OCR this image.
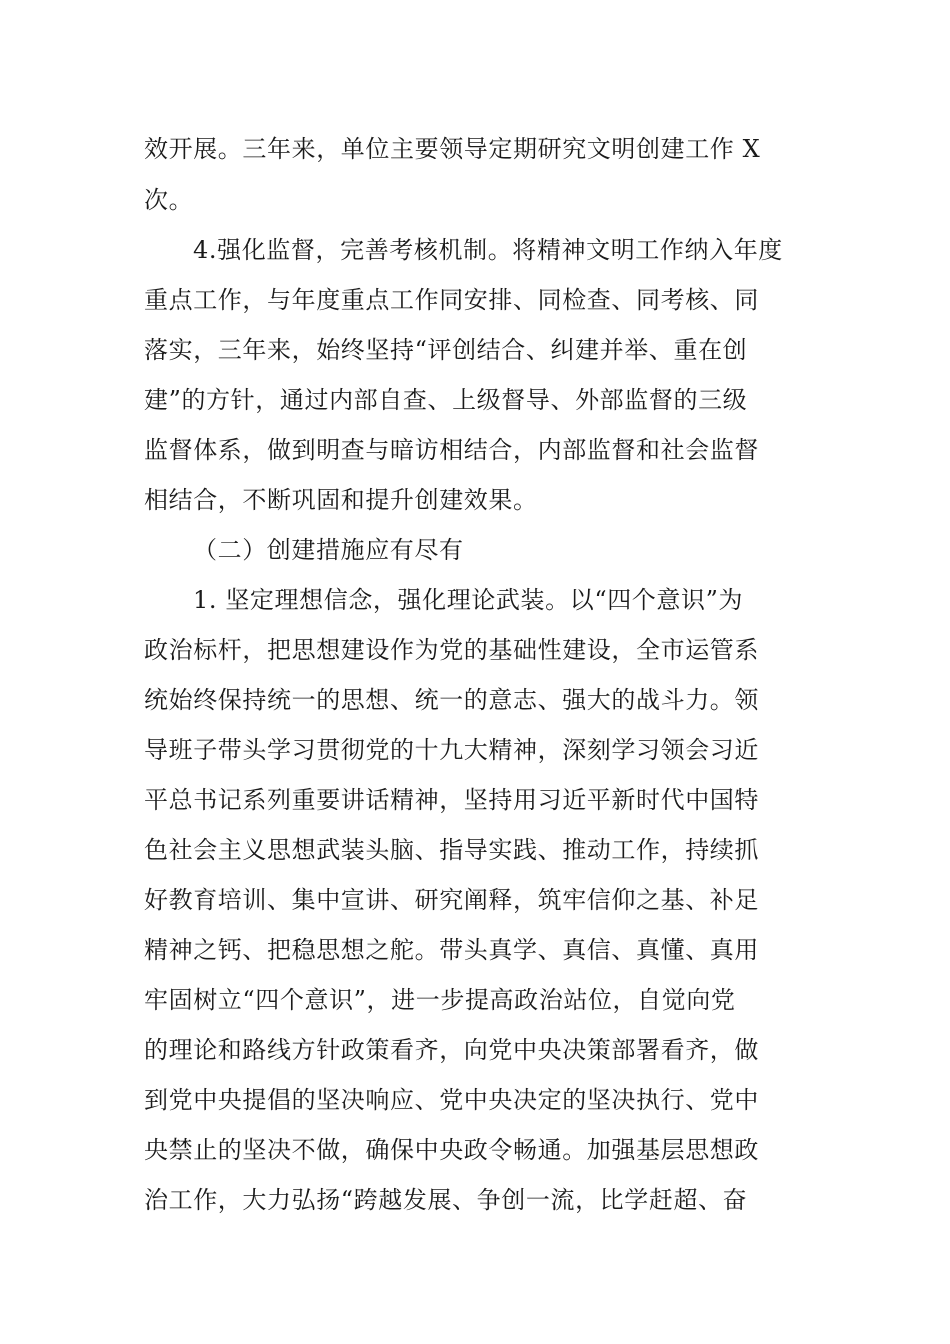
效开展。三年来，单位主要领导定期研究文明创建工作 X
次。
4.强化监督，完善考核机制。将精神文明工作纳入年度
重点工作，与年度重点工作同安排、同检查、同考核、同
落实，三年来，始终坚持“评创结合、纠建并举、重在创
建”的方针，通过内部自查、上级督导、外部监督的三级
监督体系，做到明查与暗访相结合，内部监督和社会监督
相结合，不断巩固和提升创建效果。
（二）创建措施应有尽有
1. 坚定理想信念，强化理论武装。以“四个意识”为
政治标杆，把思想建设作为党的基础性建设，全市运管系
统始终保持统一的思想、统一的意志、强大的战斗力。领
导班子带头学习贯彻党的十九大精神，深刻学习领会习近
平总书记系列重要讲话精神，坚持用习近平新时代中国特
色社会主义思想武装头脑、指导实践、推动工作，持续抓
好教育培训、集中宣讲、研究阐释，筑牢信仰之基、补足
精神之钙、把稳思想之舵。带头真学、真信、真懂、真用
牢固树立“四个意识”，进一步提高政治站位，自觉向党
的理论和路线方针政策看齐，向党中央决策部署看齐，做
到党中央提倡的坚决响应、党中央决定的坚决执行、党中
央禁止的坚决不做，确保中央政令畅通。加强基层思想政
治工作，大力弘扬“跨越发展、争创一流，比学赶超、奋
